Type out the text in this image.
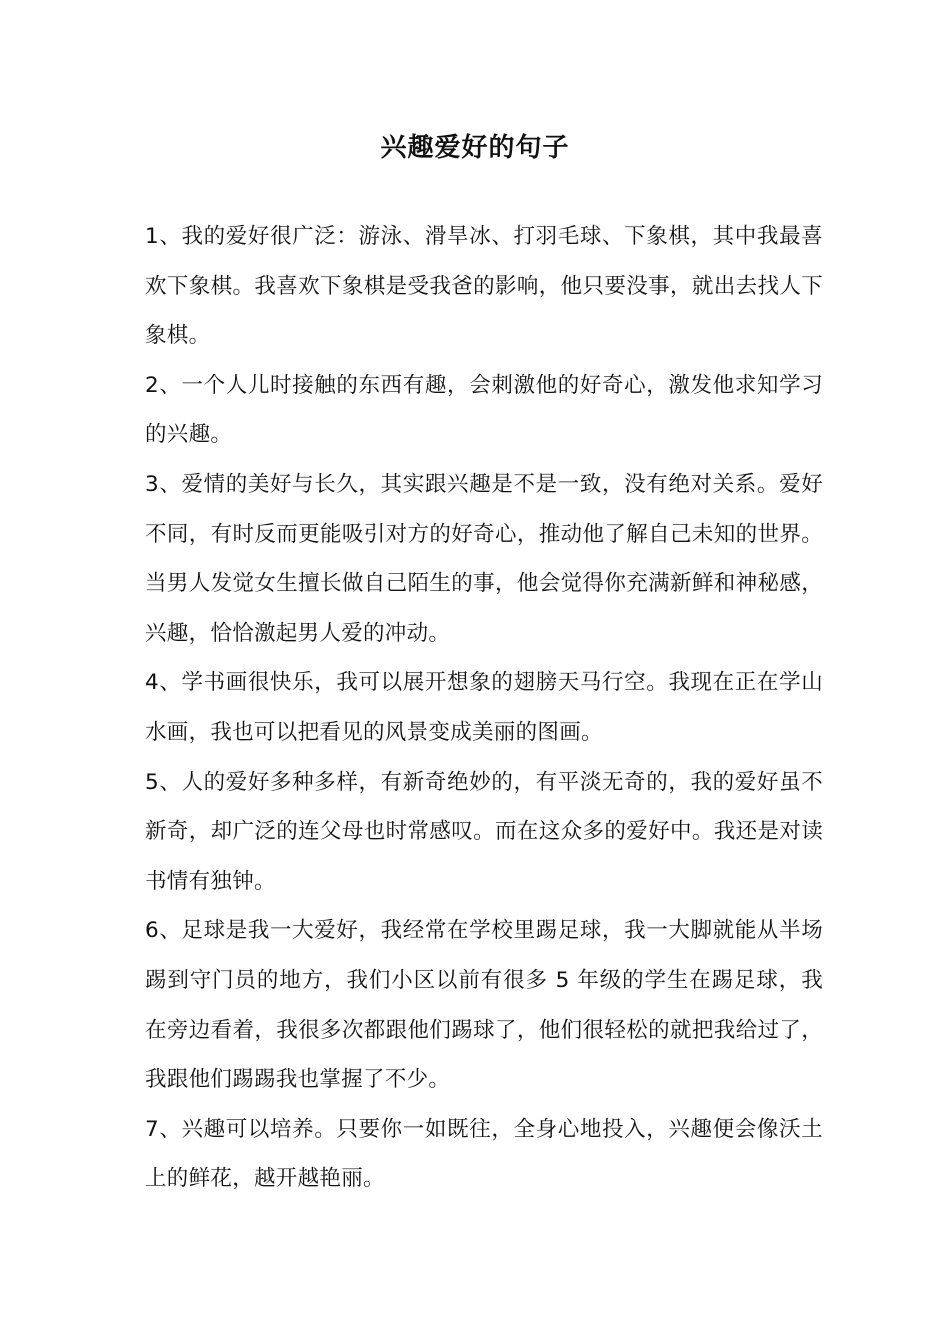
兴趣爱好的句子

1、我的爱好很广泛：游泳、滑旱冰、打羽毛球、下象棋，其中我最喜欢下象棋。我喜欢下象棋是受我爸的影响，他只要没事，就出去找人下象棋。

2、一个人儿时接触的东西有趣，会刺激他的好奇心，激发他求知学习的兴趣。

3、爱情的美好与长久，其实跟兴趣是不是一致，没有绝对关系。爱好不同，有时反而更能吸引对方的好奇心，推动他了解自己未知的世界。当男人发觉女生擅长做自己陌生的事，他会觉得你充满新鲜和神秘感，兴趣，恰恰激起男人爱的冲动。

4、学书画很快乐，我可以展开想象的翅膀天马行空。我现在正在学山水画，我也可以把看见的风景变成美丽的图画。

5、人的爱好多种多样，有新奇绝妙的，有平淡无奇的，我的爱好虽不新奇，却广泛的连父母也时常感叹。而在这众多的爱好中。我还是对读书情有独钟。

6、足球是我一大爱好，我经常在学校里踢足球，我一大脚就能从半场踢到守门员的地方，我们小区以前有很多 5 年级的学生在踢足球，我在旁边看着，我很多次都跟他们踢球了，他们很轻松的就把我给过了，我跟他们踢踢我也掌握了不少。

7、兴趣可以培养。只要你一如既往，全身心地投入，兴趣便会像沃土上的鲜花，越开越艳丽。
